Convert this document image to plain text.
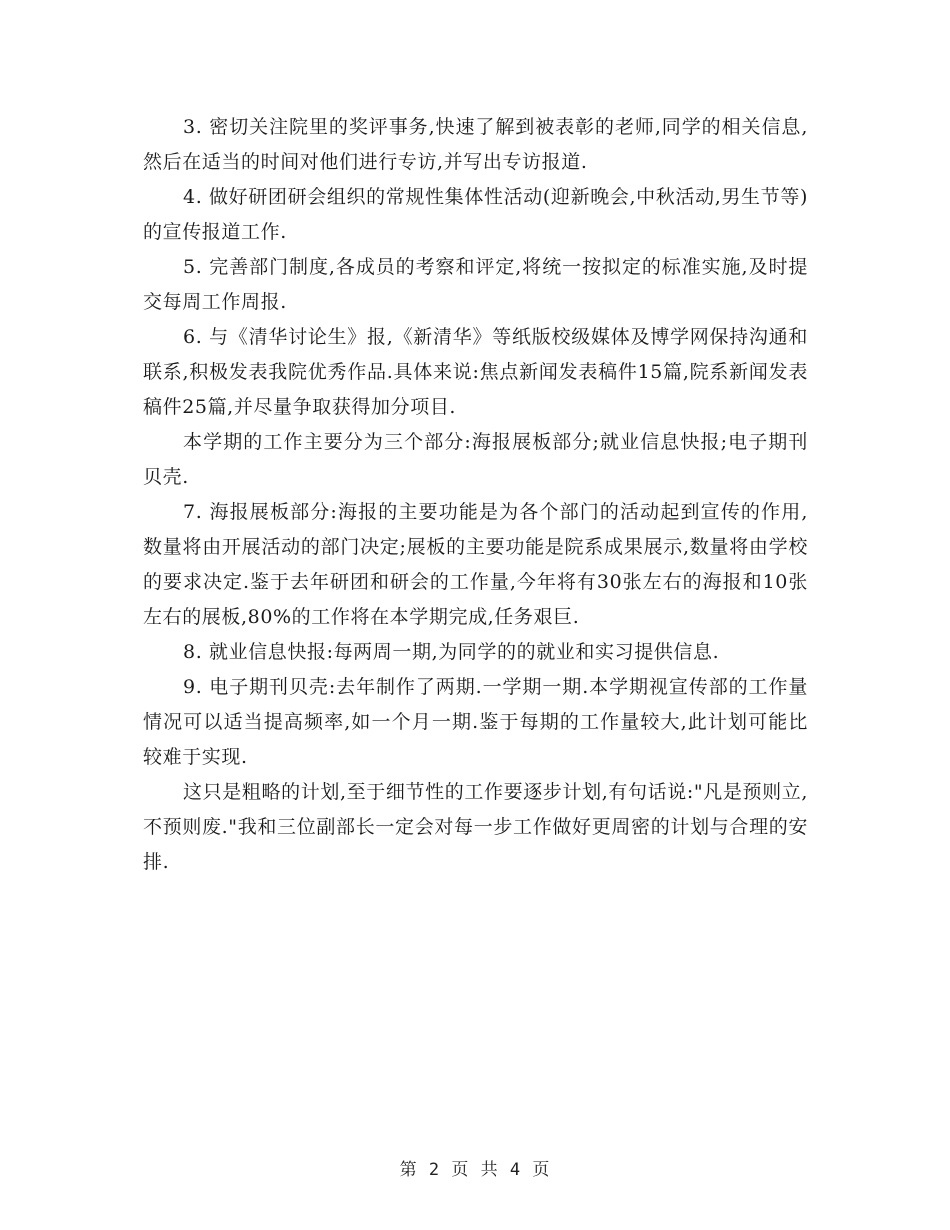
3. 密切关注院里的奖评事务,快速了解到被表彰的老师,同学的相关信息,然后在适当的时间对他们进行专访,并写出专访报道.

4. 做好研团研会组织的常规性集体性活动(迎新晚会,中秋活动,男生节等)的宣传报道工作.

5. 完善部门制度,各成员的考察和评定,将统一按拟定的标准实施,及时提交每周工作周报.

6. 与《清华讨论生》报,《新清华》等纸版校级媒体及博学网保持沟通和联系,积极发表我院优秀作品.具体来说:焦点新闻发表稿件15篇,院系新闻发表稿件25篇,并尽量争取获得加分项目.

本学期的工作主要分为三个部分:海报展板部分;就业信息快报;电子期刊贝壳.

7. 海报展板部分:海报的主要功能是为各个部门的活动起到宣传的作用,数量将由开展活动的部门决定;展板的主要功能是院系成果展示,数量将由学校的要求决定.鉴于去年研团和研会的工作量,今年将有30张左右的海报和10张左右的展板,80%的工作将在本学期完成,任务艰巨.

8. 就业信息快报:每两周一期,为同学的的就业和实习提供信息.

9. 电子期刊贝壳:去年制作了两期.一学期一期.本学期视宣传部的工作量情况可以适当提高频率,如一个月一期.鉴于每期的工作量较大,此计划可能比较难于实现.

这只是粗略的计划,至于细节性的工作要逐步计划,有句话说:"凡是预则立,不预则废."我和三位副部长一定会对每一步工作做好更周密的计划与合理的安排.

第 2 页 共 4 页
